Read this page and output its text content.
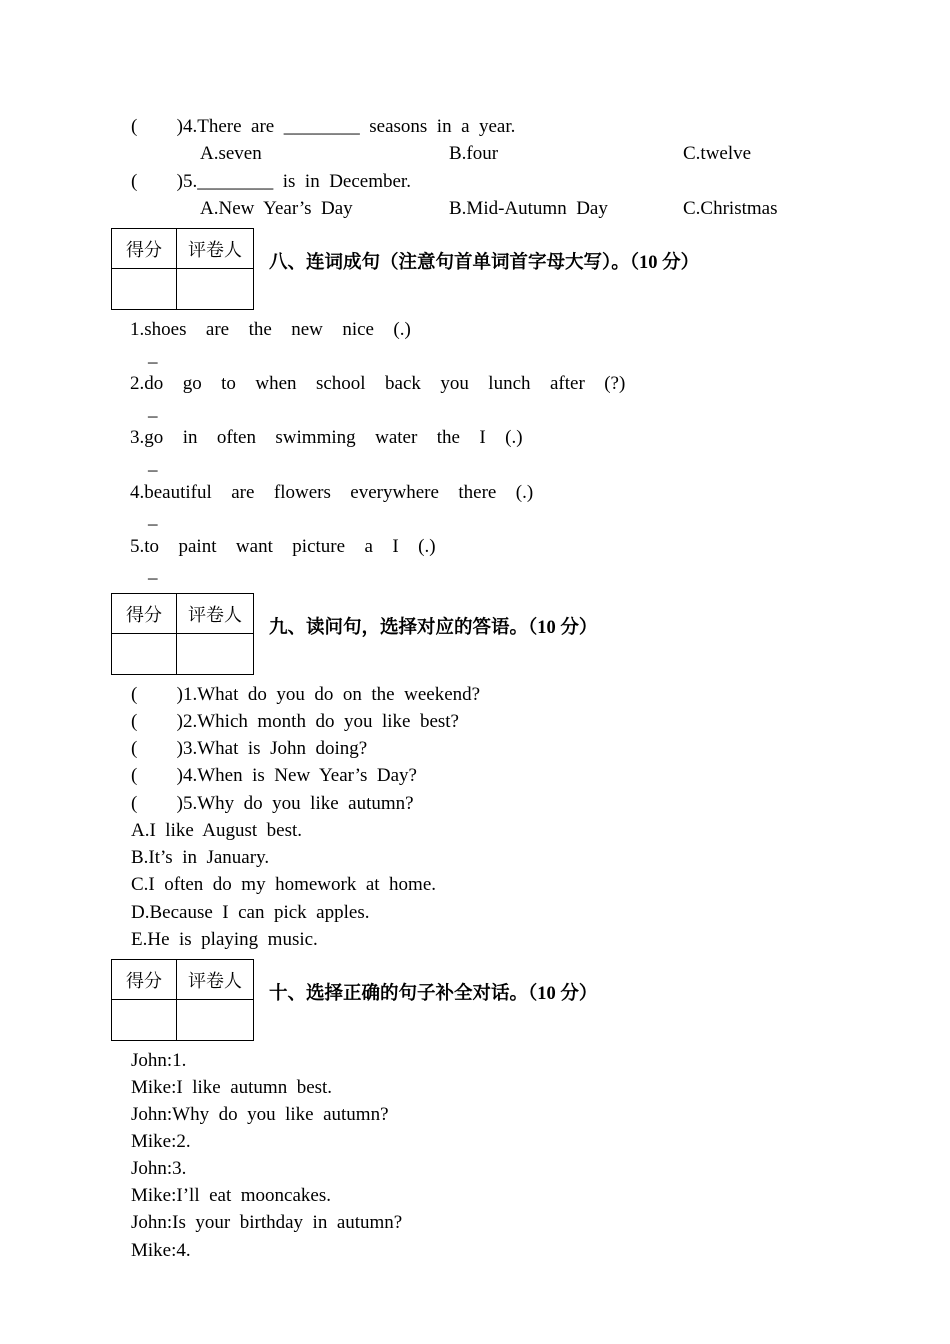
( )4.There are ________ seasons in a year.
A.seven	B.four	C.twelve
( )5.________ is in December.
A.New Year’s Day	B.Mid-Autumn Day	C.Christmas
得分	评卷人
八、连词成句（注意句首单词首字母大写）。（10 分）
1.shoes are the new nice (.)
_
2.do go to when school back you lunch after (?)
_
3.go in often swimming water the I (.)
_
4.beautiful are flowers everywhere there (.)
_
5.to paint want picture a I (.)
_
得分	评卷人
九、读问句，选择对应的答语。（10 分）
( )1.What do you do on the weekend?
( )2.Which month do you like best?
( )3.What is John doing?
( )4.When is New Year’s Day?
( )5.Why do you like autumn?
A.I like August best.
B.It’s in January.
C.I often do my homework at home.
D.Because I can pick apples.
E.He is playing music.
得分	评卷人
十、选择正确的句子补全对话。（10 分）
John:1.
Mike:I like autumn best.
John:Why do you like autumn?
Mike:2.
John:3.
Mike:I’ll eat mooncakes.
John:Is your birthday in autumn?
Mike:4.
